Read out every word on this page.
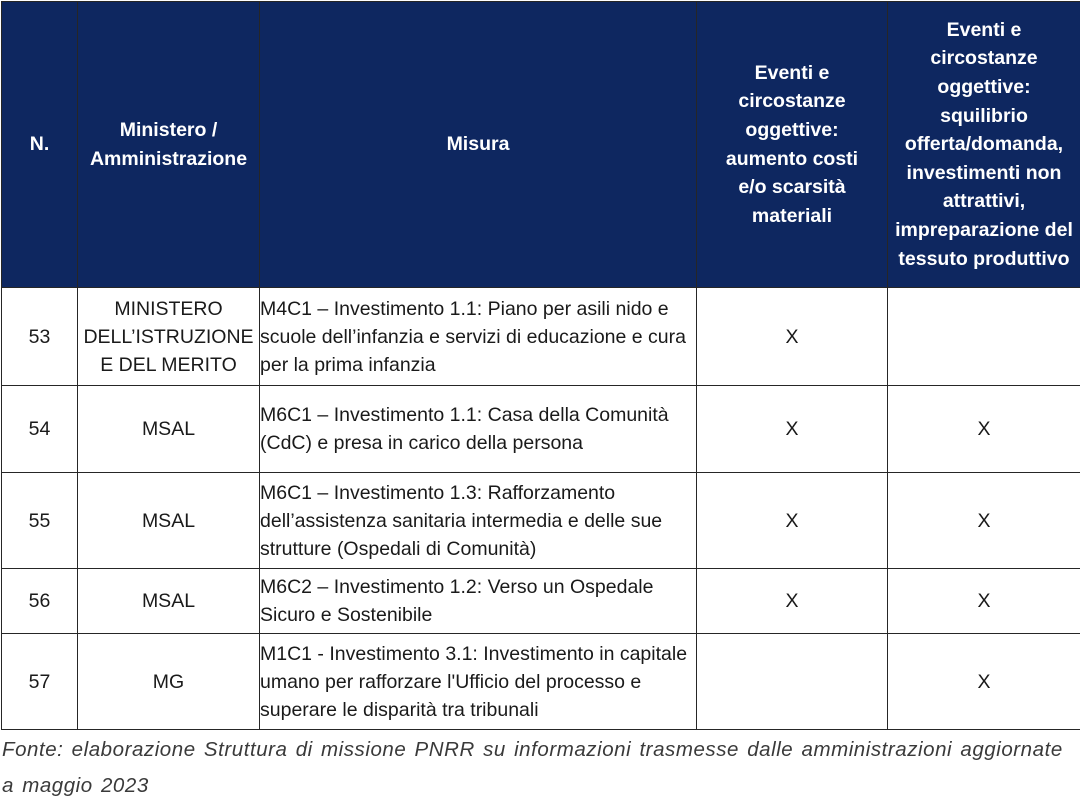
N.	Ministero / Amministrazione	Misura	Eventi e circostanze oggettive: aumento costi e/o scarsità materiali	Eventi e circostanze oggettive: squilibrio offerta/domanda, investimenti non attrattivi, impreparazione del tessuto produttivo
53	MINISTERO DELL’ISTRUZIONE E DEL MERITO	M4C1 – Investimento 1.1: Piano per asili nido e scuole dell’infanzia e servizi di educazione e cura per la prima infanzia	X	
54	MSAL	M6C1 – Investimento 1.1: Casa della Comunità (CdC) e presa in carico della persona	X	X
55	MSAL	M6C1 – Investimento 1.3: Rafforzamento dell’assistenza sanitaria intermedia e delle sue strutture (Ospedali di Comunità)	X	X
56	MSAL	M6C2 – Investimento 1.2: Verso un Ospedale Sicuro e Sostenibile	X	X
57	MG	M1C1 - Investimento 3.1: Investimento in capitale umano per rafforzare l'Ufficio del processo e superare le disparità tra tribunali		X
Fonte: elaborazione Struttura di missione PNRR su informazioni trasmesse dalle amministrazioni aggiornate a maggio 2023
